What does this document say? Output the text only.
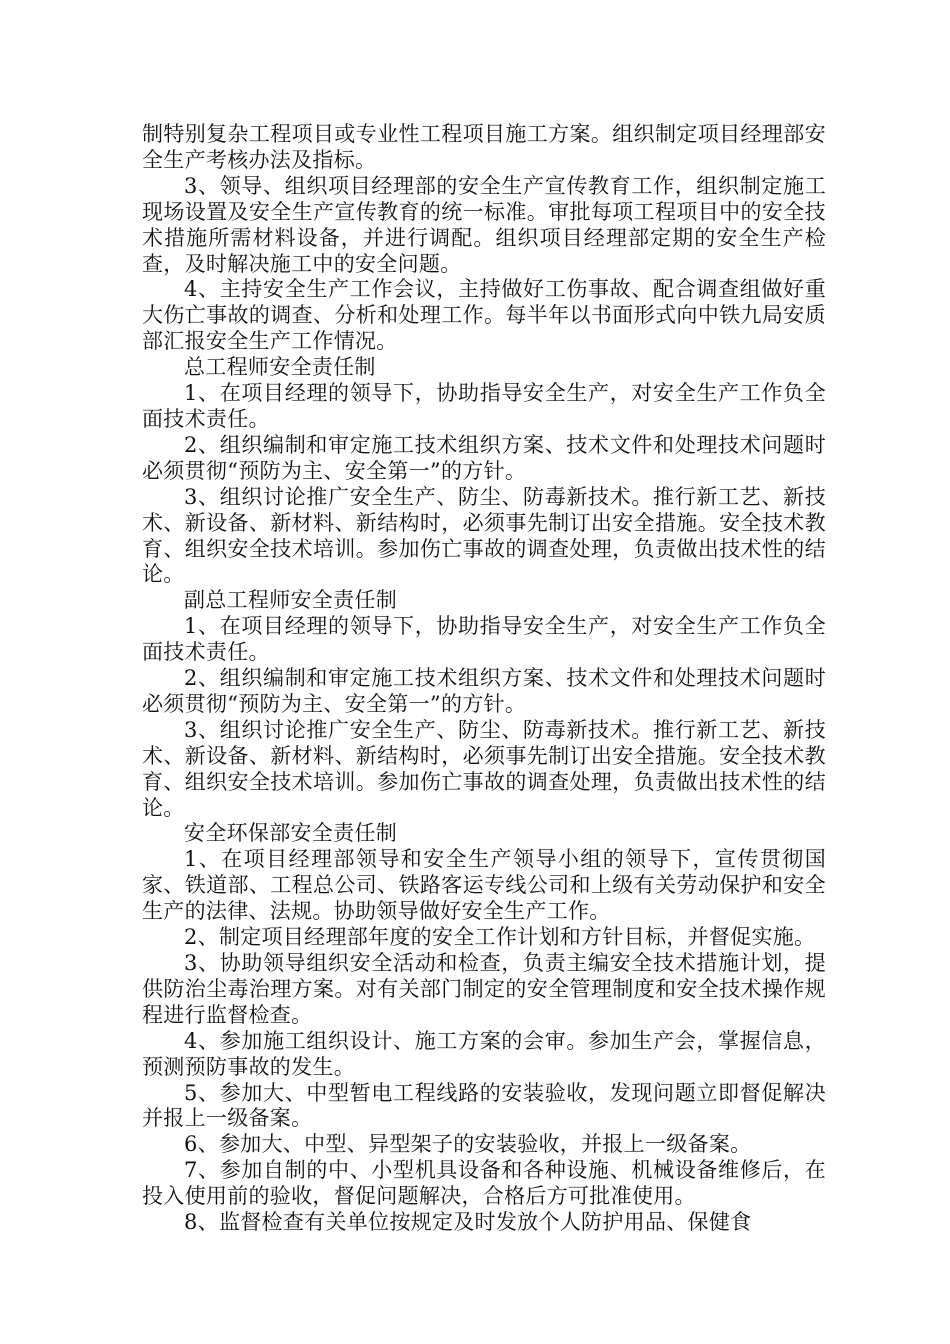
制特别复杂工程项目或专业性工程项目施工方案。组织制定项目经理部安全生产考核办法及指标。

3、领导、组织项目经理部的安全生产宣传教育工作，组织制定施工现场设置及安全生产宣传教育的统一标准。审批每项工程项目中的安全技术措施所需材料设备，并进行调配。组织项目经理部定期的安全生产检查，及时解决施工中的安全问题。

4、主持安全生产工作会议，主持做好工伤事故、配合调查组做好重大伤亡事故的调查、分析和处理工作。每半年以书面形式向中铁九局安质部汇报安全生产工作情况。

总工程师安全责任制

1、在项目经理的领导下，协助指导安全生产，对安全生产工作负全面技术责任。

2、组织编制和审定施工技术组织方案、技术文件和处理技术问题时必须贯彻“预防为主、安全第一”的方针。

3、组织讨论推广安全生产、防尘、防毒新技术。推行新工艺、新技术、新设备、新材料、新结构时，必须事先制订出安全措施。安全技术教育、组织安全技术培训。参加伤亡事故的调查处理，负责做出技术性的结论。

副总工程师安全责任制

1、在项目经理的领导下，协助指导安全生产，对安全生产工作负全面技术责任。

2、组织编制和审定施工技术组织方案、技术文件和处理技术问题时必须贯彻“预防为主、安全第一”的方针。

3、组织讨论推广安全生产、防尘、防毒新技术。推行新工艺、新技术、新设备、新材料、新结构时，必须事先制订出安全措施。安全技术教育、组织安全技术培训。参加伤亡事故的调查处理，负责做出技术性的结论。

安全环保部安全责任制

1、在项目经理部领导和安全生产领导小组的领导下，宣传贯彻国家、铁道部、工程总公司、铁路客运专线公司和上级有关劳动保护和安全生产的法律、法规。协助领导做好安全生产工作。

2、制定项目经理部年度的安全工作计划和方针目标，并督促实施。

3、协助领导组织安全活动和检查，负责主编安全技术措施计划，提供防治尘毒治理方案。对有关部门制定的安全管理制度和安全技术操作规程进行监督检查。

4、参加施工组织设计、施工方案的会审。参加生产会，掌握信息，预测预防事故的发生。

5、参加大、中型暂电工程线路的安装验收，发现问题立即督促解决并报上一级备案。

6、参加大、中型、异型架子的安装验收，并报上一级备案。

7、参加自制的中、小型机具设备和各种设施、机械设备维修后，在投入使用前的验收，督促问题解决，合格后方可批准使用。

8、监督检查有关单位按规定及时发放个人防护用品、保健食
